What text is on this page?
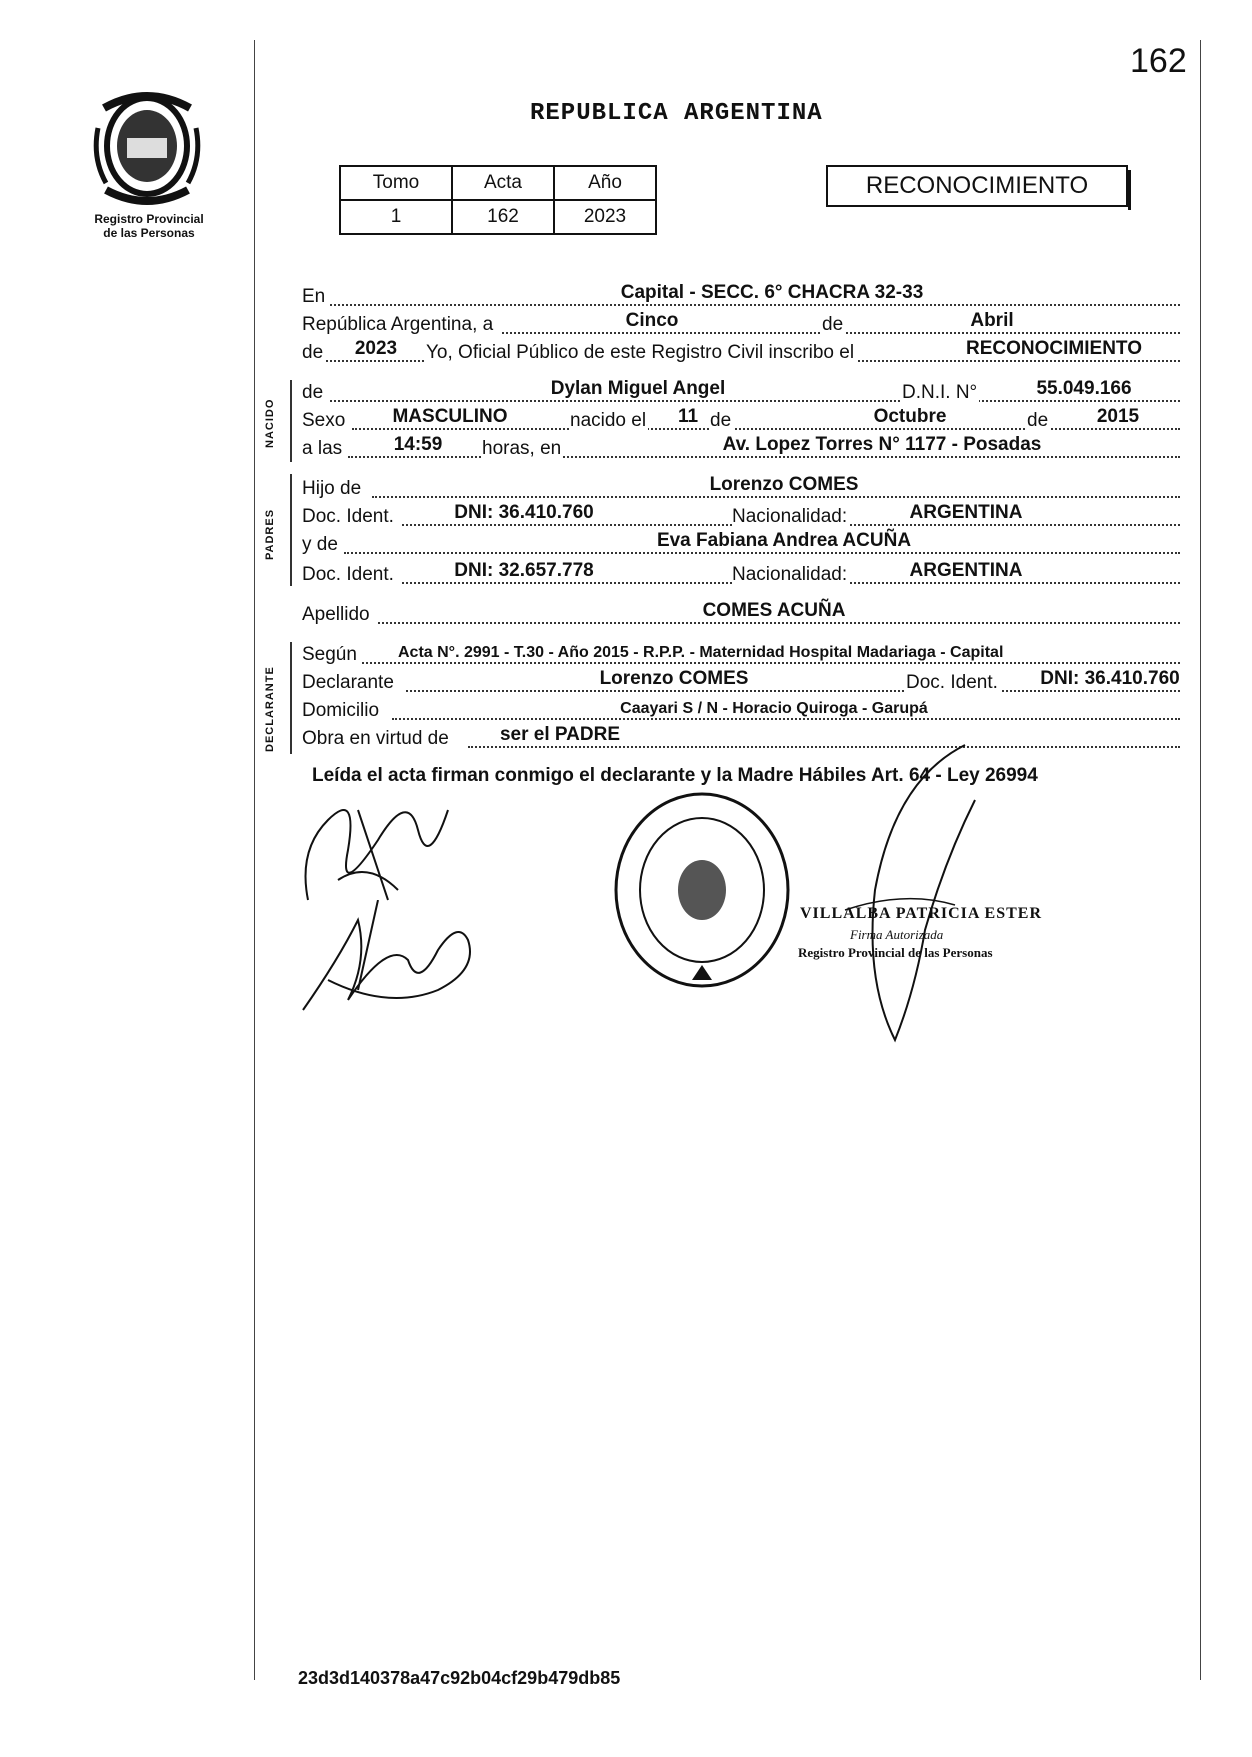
162
Registro Provincial
de las Personas
REPUBLICA ARGENTINA
Tomo	Acta	Año
1	162	2023
RECONOCIMIENTO
En	Capital - SECC. 6° CHACRA 32-33
República Argentina, a	Cinco	de	Abril
de 2023 Yo, Oficial Público de este Registro Civil inscribo el	RECONOCIMIENTO
NACIDO
de	Dylan Miguel Angel	D.N.I. N°	55.049.166
Sexo MASCULINO	nacido el 11 de	Octubre	de	2015
a las	14:59 horas, en	Av. Lopez Torres N° 1177 - Posadas
PADRES
Hijo de	Lorenzo COMES
Doc. Ident.	DNI: 36.410.760	Nacionalidad:	ARGENTINA
y de	Eva Fabiana Andrea ACUÑA
Doc. Ident.	DNI: 32.657.778	Nacionalidad:	ARGENTINA
Apellido	COMES ACUÑA
DECLARANTE
Según	Acta N°. 2991 - T.30 - Año 2015 - R.P.P. - Maternidad Hospital Madariaga - Capital
Declarante	Lorenzo COMES	Doc. Ident. DNI: 36.410.760
Domicilio	Caayari S / N - Horacio Quiroga - Garupá
Obra en virtud de	ser el PADRE
Leída el acta firman conmigo el declarante y la Madre Hábiles Art. 64 - Ley 26994
VILLALBA PATRICIA ESTER
Firma Autorizada
Registro Provincial de las Personas
23d3d140378a47c92b04cf29b479db85
